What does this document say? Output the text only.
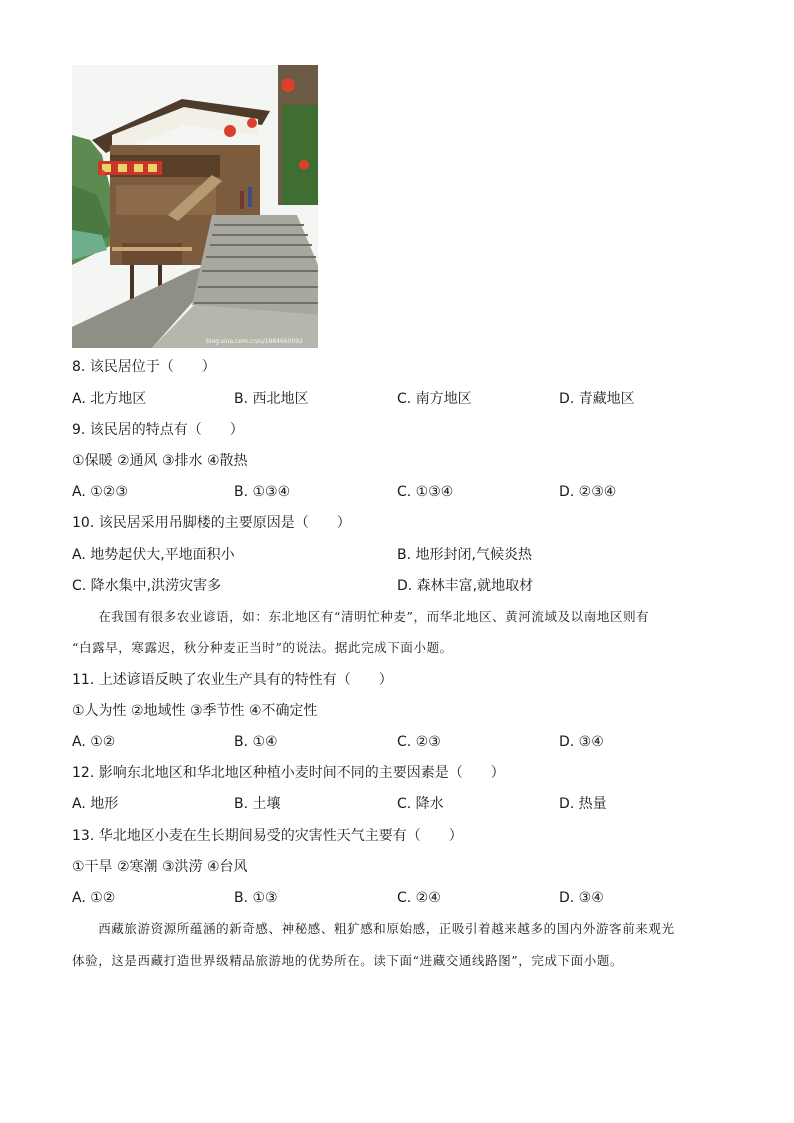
blog.sina.com.cn/u/1884660092
8. 该民居位于（　　）
A. 北方地区	B. 西北地区	C. 南方地区	D. 青藏地区
9. 该民居的特点有（　　）
①保暖 ②通风 ③排水 ④散热
A. ①②③	B. ①③④	C. ①③④	D. ②③④
10. 该民居采用吊脚楼的主要原因是（　　）
A. 地势起伏大,平地面积小	B. 地形封闭,气候炎热
C. 降水集中,洪涝灾害多	D. 森林丰富,就地取材
　　在我国有很多农业谚语，如：东北地区有“清明忙种麦”，而华北地区、黄河流域及以南地区则有
“白露早，寒露迟，秋分种麦正当时”的说法。据此完成下面小题。
11. 上述谚语反映了农业生产具有的特性有（　　）
①人为性 ②地域性 ③季节性 ④不确定性
A. ①②	B. ①④	C. ②③	D. ③④
12. 影响东北地区和华北地区种植小麦时间不同的主要因素是（　　）
A. 地形	B. 土壤	C. 降水	D. 热量
13. 华北地区小麦在生长期间易受的灾害性天气主要有（　　）
①干旱 ②寒潮 ③洪涝 ④台风
A. ①②	B. ①③	C. ②④	D. ③④
　　西藏旅游资源所蕴涵的新奇感、神秘感、粗犷感和原始感，正吸引着越来越多的国内外游客前来观光
体验，这是西藏打造世界级精品旅游地的优势所在。读下面“进藏交通线路图”，完成下面小题。
